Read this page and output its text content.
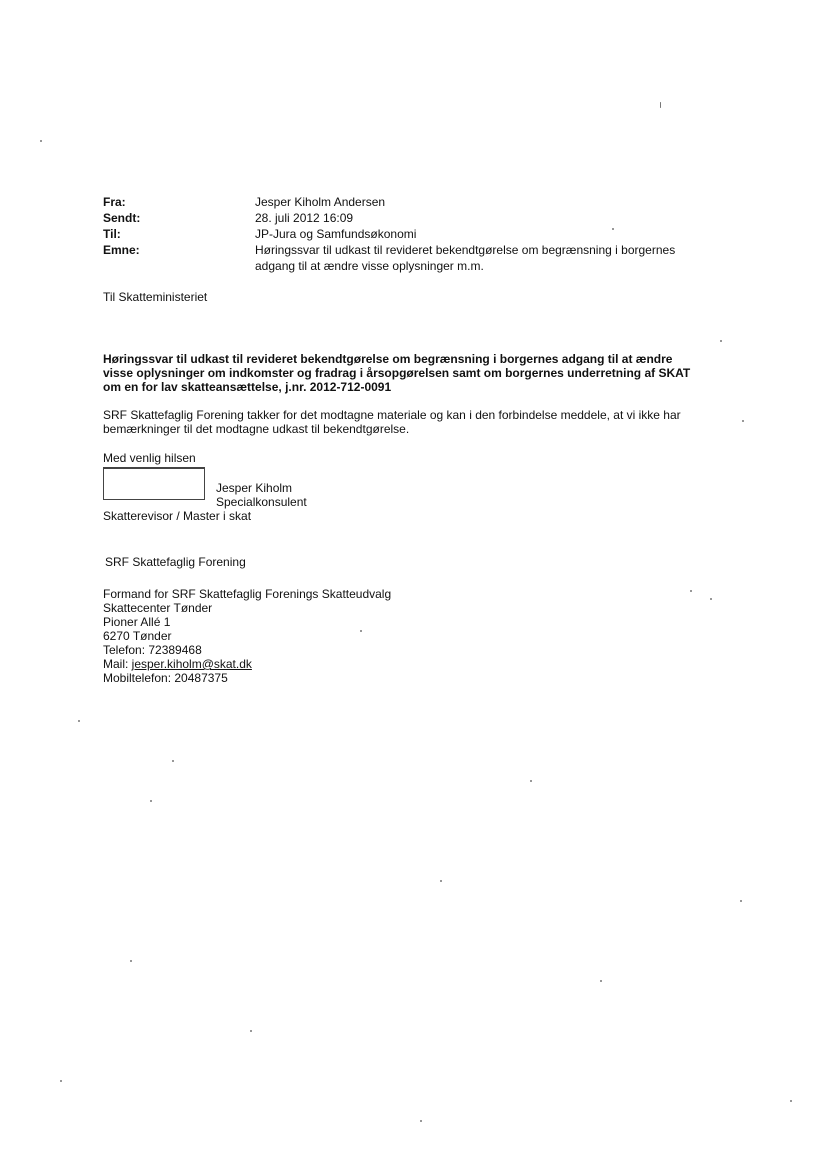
Fra:	Jesper Kiholm Andersen
Sendt:	28. juli 2012 16:09
Til:	JP-Jura og Samfundsøkonomi
Emne:	Høringssvar til udkast til revideret bekendtgørelse om begrænsning i borgernes
adgang til at ændre visse oplysninger m.m.
Til Skatteministeriet
Høringssvar til udkast til revideret bekendtgørelse om begrænsning i borgernes adgang til at ændre
visse oplysninger om indkomster og fradrag i årsopgørelsen samt om borgernes underretning af SKAT
om en for lav skatteansættelse, j.nr. 2012-712-0091
SRF Skattefaglig Forening takker for det modtagne materiale og kan i den forbindelse meddele, at vi ikke har
bemærkninger til det modtagne udkast til bekendtgørelse.
Med venlig hilsen
Jesper Kiholm
Specialkonsulent
Skatterevisor / Master i skat
SRF Skattefaglig Forening
Formand for SRF Skattefaglig Forenings Skatteudvalg
Skattecenter Tønder
Pioner Allé 1
6270 Tønder
Telefon: 72389468
Mail: jesper.kiholm@skat.dk
Mobiltelefon: 20487375
